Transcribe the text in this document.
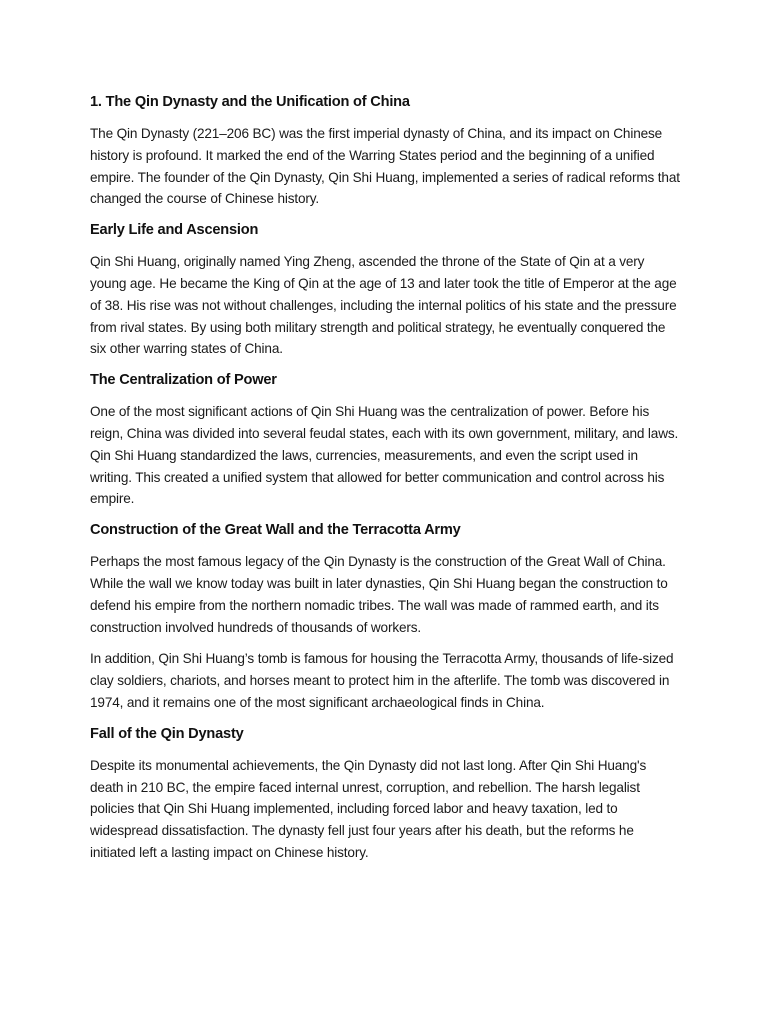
1. The Qin Dynasty and the Unification of China

The Qin Dynasty (221–206 BC) was the first imperial dynasty of China, and its impact on Chinese history is profound. It marked the end of the Warring States period and the beginning of a unified empire. The founder of the Qin Dynasty, Qin Shi Huang, implemented a series of radical reforms that changed the course of Chinese history.

Early Life and Ascension

Qin Shi Huang, originally named Ying Zheng, ascended the throne of the State of Qin at a very young age. He became the King of Qin at the age of 13 and later took the title of Emperor at the age of 38. His rise was not without challenges, including the internal politics of his state and the pressure from rival states. By using both military strength and political strategy, he eventually conquered the six other warring states of China.

The Centralization of Power

One of the most significant actions of Qin Shi Huang was the centralization of power. Before his reign, China was divided into several feudal states, each with its own government, military, and laws. Qin Shi Huang standardized the laws, currencies, measurements, and even the script used in writing. This created a unified system that allowed for better communication and control across his empire.

Construction of the Great Wall and the Terracotta Army

Perhaps the most famous legacy of the Qin Dynasty is the construction of the Great Wall of China. While the wall we know today was built in later dynasties, Qin Shi Huang began the construction to defend his empire from the northern nomadic tribes. The wall was made of rammed earth, and its construction involved hundreds of thousands of workers.

In addition, Qin Shi Huang’s tomb is famous for housing the Terracotta Army, thousands of life-sized clay soldiers, chariots, and horses meant to protect him in the afterlife. The tomb was discovered in 1974, and it remains one of the most significant archaeological finds in China.

Fall of the Qin Dynasty

Despite its monumental achievements, the Qin Dynasty did not last long. After Qin Shi Huang's death in 210 BC, the empire faced internal unrest, corruption, and rebellion. The harsh legalist policies that Qin Shi Huang implemented, including forced labor and heavy taxation, led to widespread dissatisfaction. The dynasty fell just four years after his death, but the reforms he initiated left a lasting impact on Chinese history.
